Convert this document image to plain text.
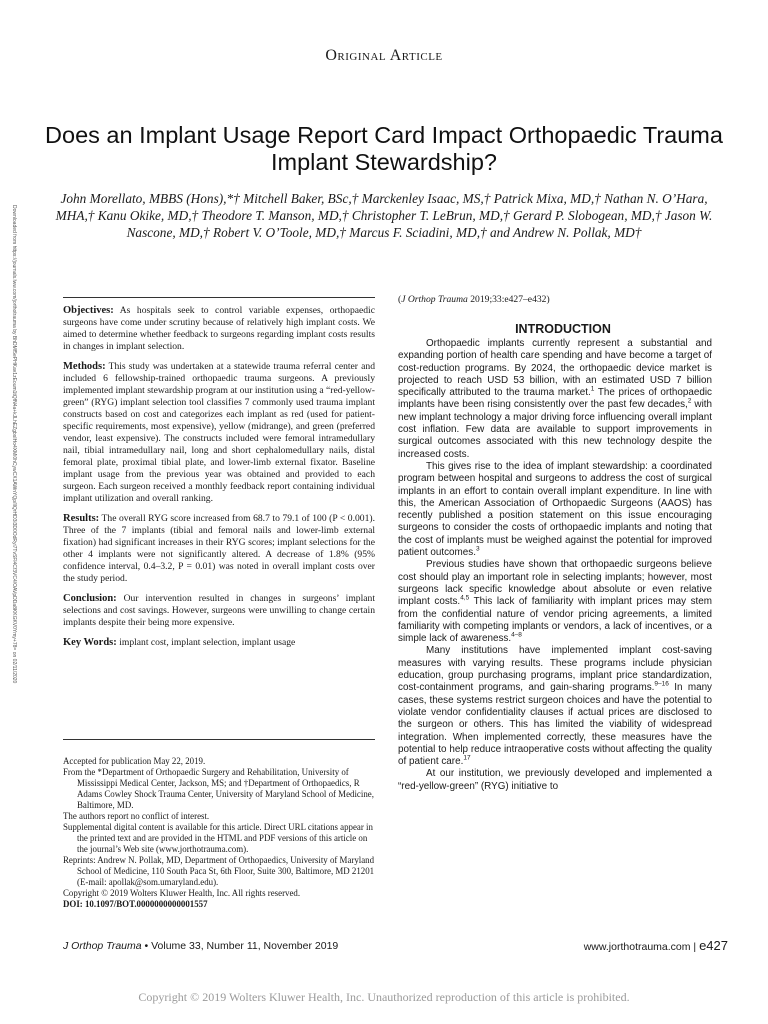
Original Article
Does an Implant Usage Report Card Impact Orthopaedic Trauma Implant Stewardship?
John Morellato, MBBS (Hons),*† Mitchell Baker, BSc,† Marckenley Isaac, MS,† Patrick Mixa, MD,† Nathan N. O’Hara, MHA,† Kanu Okike, MD,† Theodore T. Manson, MD,† Christopher T. LeBrun, MD,† Gerard P. Slobogean, MD,† Jason W. Nascone, MD,† Robert V. O’Toole, MD,† Marcus F. Sciadini, MD,† and Andrew N. Pollak, MD†
Downloaded from https://journals.lww.com/jorthotrauma by BhDMf5ePHKav1zEoum1tQfN4a+kJLhEZgbsIHo4XMi0hCywCX1AWnYQp/IlQrHD3i3D0OdRyi7TvSFl4Cf3VC4/OAVpDDa8KKGKV0Ymy+78= on 02/11/2020	Objectives: As hospitals seek to control variable expenses, orthopaedic surgeons have come under scrutiny because of relatively high implant costs. We aimed to determine whether feedback to surgeons regarding implant costs results in changes in implant selection.

Methods: This study was undertaken at a statewide trauma referral center and included 6 fellowship-trained orthopaedic trauma surgeons. A previously implemented implant stewardship program at our institution using a “red-yellow-green” (RYG) implant selection tool classifies 7 commonly used trauma implant constructs based on cost and categorizes each implant as red (used for patient-specific requirements, most expensive), yellow (midrange), and green (preferred vendor, least expensive). The constructs included were femoral intramedullary nail, tibial intramedullary nail, long and short cephalomedullary nails, distal femoral plate, proximal tibial plate, and lower-limb external fixator. Baseline implant usage from the previous year was obtained and provided to each surgeon. Each surgeon received a monthly feedback report containing individual implant utilization and overall ranking.

Results: The overall RYG score increased from 68.7 to 79.1 of 100 (P < 0.001). Three of the 7 implants (tibial and femoral nails and lower-limb external fixation) had significant increases in their RYG scores; implant selections for the other 4 implants were not significantly altered. A decrease of 1.8% (95% confidence interval, 0.4–3.2, P = 0.01) was noted in overall implant costs over the study period.

Conclusion: Our intervention resulted in changes in surgeons’ implant selections and cost savings. However, surgeons were unwilling to change certain implants despite their being more expensive.

Key Words: implant cost, implant selection, implant usage

Accepted for publication May 22, 2019.

From the *Department of Orthopaedic Surgery and Rehabilitation, University of Mississippi Medical Center, Jackson, MS; and †Department of Orthopaedics, R Adams Cowley Shock Trauma Center, University of Maryland School of Medicine, Baltimore, MD.

The authors report no conflict of interest.

Supplemental digital content is available for this article. Direct URL citations appear in the printed text and are provided in the HTML and PDF versions of this article on the journal’s Web site (www.jorthotrauma.com).

Reprints: Andrew N. Pollak, MD, Department of Orthopaedics, University of Maryland School of Medicine, 110 South Paca St, 6th Floor, Suite 300, Baltimore, MD 21201 (E-mail: apollak@som.umaryland.edu).

Copyright © 2019 Wolters Kluwer Health, Inc. All rights reserved.

DOI: 10.1097/BOT.0000000000001557

(J Orthop Trauma 2019;33:e427–e432)
INTRODUCTION

Orthopaedic implants currently represent a substantial and expanding portion of health care spending and have become a target of cost-reduction programs. By 2024, the orthopaedic device market is projected to reach USD 53 billion, with an estimated USD 7 billion specifically attributed to the trauma market.$^1$ The prices of orthopaedic implants have been rising consistently over the past few decades,$^2$ with new implant technology a major driving force influencing overall implant cost inflation. Few data are available to support improvements in surgical outcomes associated with this new technology despite the increased costs.

This gives rise to the idea of implant stewardship: a coordinated program between hospital and surgeons to address the cost of surgical implants in an effort to contain overall implant expenditure. In line with this, the American Association of Orthopaedic Surgeons (AAOS) has recently published a position statement on this issue encouraging surgeons to consider the costs of orthopaedic implants and noting that the cost of implants must be weighed against the potential for improved patient outcomes.$^3$

Previous studies have shown that orthopaedic surgeons believe cost should play an important role in selecting implants; however, most surgeons lack specific knowledge about absolute or even relative implant costs.$^{4,5}$ This lack of familiarity with implant prices may stem from the confidential nature of vendor pricing agreements, a limited familiarity with competing implants or vendors, a lack of incentives, or a simple lack of awareness.$^{4-8}$

Many institutions have implemented implant cost-saving measures with varying results. These programs include physician education, group purchasing programs, implant price standardization, cost-containment programs, and gain-sharing programs.$^{9-16}$ In many cases, these systems restrict surgeon choices and have the potential to violate vendor confidentiality clauses if actual prices are disclosed to the surgeon or others. This has limited the viability of widespread integration. When implemented correctly, these measures have the potential to help reduce intraoperative costs without affecting the quality of patient care.$^{17}$

At our institution, we previously developed and implemented a “red-yellow-green” (RYG) initiative to

J Orthop Trauma • Volume 33, Number 11, November 2019	www.jorthotrauma.com | e427
Copyright © 2019 Wolters Kluwer Health, Inc. Unauthorized reproduction of this article is prohibited.
